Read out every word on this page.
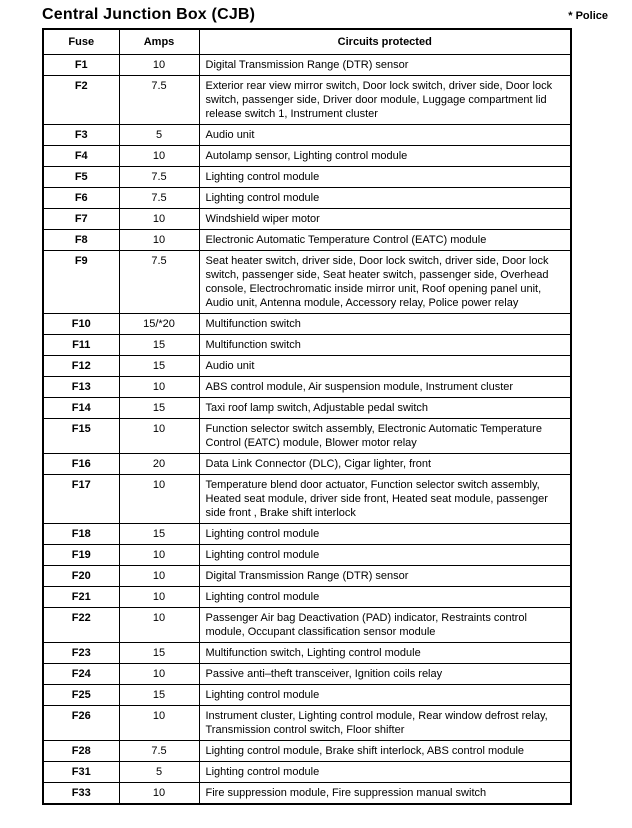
Central Junction Box (CJB)	* Police
Fuse	Amps	Circuits protected
F1	10	Digital Transmission Range (DTR) sensor
F2	7.5	Exterior rear view mirror switch, Door lock switch, driver side, Door lock switch, passenger side, Driver door module, Luggage compartment lid release switch 1, Instrument cluster
F3	5	Audio unit
F4	10	Autolamp sensor, Lighting control module
F5	7.5	Lighting control module
F6	7.5	Lighting control module
F7	10	Windshield wiper motor
F8	10	Electronic Automatic Temperature Control (EATC) module
F9	7.5	Seat heater switch, driver side, Door lock switch, driver side, Door lock switch, passenger side, Seat heater switch, passenger side, Overhead console, Electrochromatic inside mirror unit, Roof opening panel unit, Audio unit, Antenna module, Accessory relay, Police power relay
F10	15/*20	Multifunction switch
F11	15	Multifunction switch
F12	15	Audio unit
F13	10	ABS control module, Air suspension module, Instrument cluster
F14	15	Taxi roof lamp switch, Adjustable pedal switch
F15	10	Function selector switch assembly, Electronic Automatic Temperature Control (EATC) module, Blower motor relay
F16	20	Data Link Connector (DLC), Cigar lighter, front
F17	10	Temperature blend door actuator, Function selector switch assembly, Heated seat module, driver side front, Heated seat module, passenger side front , Brake shift interlock
F18	15	Lighting control module
F19	10	Lighting control module
F20	10	Digital Transmission Range (DTR) sensor
F21	10	Lighting control module
F22	10	Passenger Air bag Deactivation (PAD) indicator, Restraints control module, Occupant classification sensor module
F23	15	Multifunction switch, Lighting control module
F24	10	Passive anti–theft transceiver, Ignition coils relay
F25	15	Lighting control module
F26	10	Instrument cluster, Lighting control module, Rear window defrost relay, Transmission control switch, Floor shifter
F28	7.5	Lighting control module, Brake shift interlock, ABS control module
F31	5	Lighting control module
F33	10	Fire suppression module, Fire suppression manual switch
